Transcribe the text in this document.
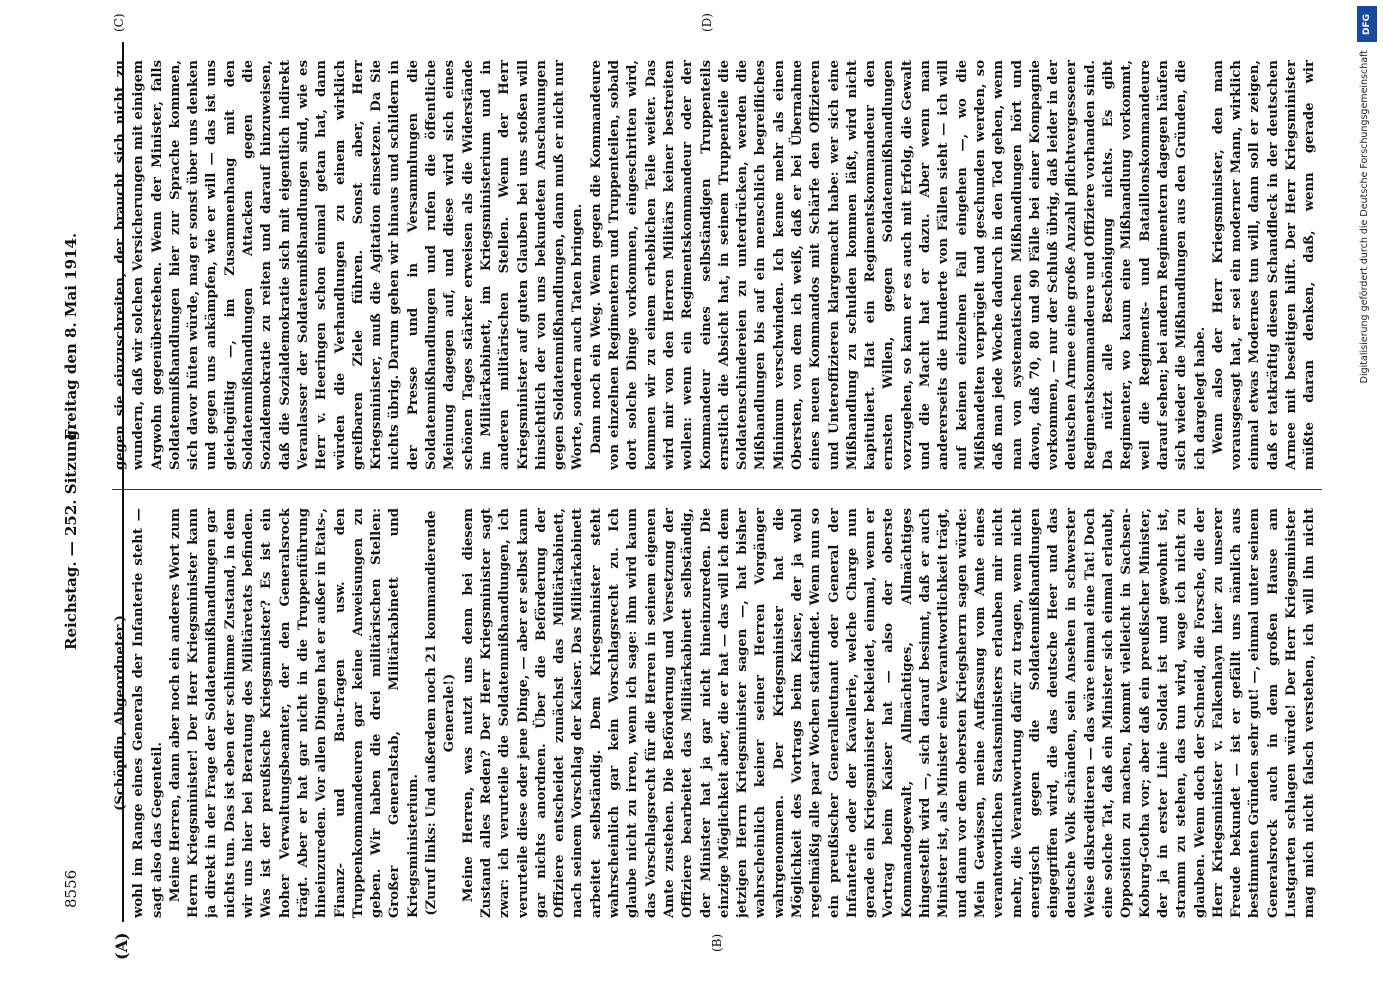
8556
Reichstag. — 252. Sitzung.
Freitag den 8. Mai 1914.
(A)	(B)
(C)	(D)

(Schöpflin, Abgeordneter.) wohl im Range eines Generals der Infanterie steht — sagt also das Gegenteil. Meine Herren, dann aber noch ein anderes Wort zum Herrn Kriegsminister! Der Herr Kriegsminister kann ja direkt in der Frage der Soldatenmißhandlungen gar nichts tun. Das ist eben der schlimme Zustand, in dem wir uns hier bei Beratung des Militäretats befinden. Was ist der preußische Kriegsminister? Es ist ein hoher Verwaltungsbeamter, der den Generalsrock trägt. Aber er hat gar nicht in die Truppenführung hineinzureden. Vor allen Dingen hat er außer in Etats-, Finanz- und Bau-fragen usw. den Truppenkommandeuren gar keine Anweisungen zu geben. Wir haben die drei militärischen Stellen: Großer Generalstab, Militärkabinett und Kriegsministerium. (Zuruf links: Und außerdem noch 21 kommandierende Generale!)

Meine Herren, was nutzt uns denn bei diesem Zustand alles Reden? Der Herr Kriegsminister sagt zwar: ich verurteile die Soldatenmißhandlungen, ich verurteile diese oder jene Dinge, — aber er selbst kann gar nichts anordnen. Über die Beförderung der Offiziere entscheidet zunächst das Militärkabinett, nach seinem Vorschlag der Kaiser. Das Militärkabinett arbeitet selbständig. Dem Kriegsminister steht wahrscheinlich gar kein Vorschlagsrecht zu. Ich glaube nicht zu irren, wenn ich sage: ihm wird kaum das Vorschlagsrecht für die Herren in seinem eigenen Amte zustehen. Die Beförderung und Versetzung der Offiziere bearbeitet das Militärkabinett selbständig, der Minister hat ja gar nicht hineinzureden. Die einzige Möglichkeit aber, die er hat — das will ich dem jetzigen Herrn Kriegsminister sagen —, hat bisher wahrscheinlich keiner seiner Herren Vorgänger wahrgenommen. Der Kriegsminister hat die Möglichkeit des Vortrags beim Kaiser, der ja wohl regelmäßig alle paar Wochen stattfindet. Wenn nun so ein preußischer Generalleutnant oder General der Infanterie oder der Kavallerie, welche Charge nun gerade ein Kriegsminister bekleidet, einmal, wenn er Vortrag beim Kaiser hat — also der oberste Kommandogewalt, Allmächtiges, Allmächtiges hingestellt wird —, sich darauf besinnt, daß er auch Minister ist, als Minister eine Verantwortlichkeit trägt, und dann vor dem obersten Kriegsherrn sagen würde: Mein Gewissen, meine Auffassung vom Amte eines verantwortlichen Staatsministers erlauben mir nicht mehr, die Verantwortung dafür zu tragen, wenn nicht energisch gegen die Soldatenmißhandlungen eingegriffen wird, die das deutsche Heer und das deutsche Volk schänden, sein Ansehen in schwerster Weise diskreditieren — das wäre einmal eine Tat! Doch eine solche Tat, daß ein Minister sich einmal erlaubt, Opposition zu machen, kommt vielleicht in Sachsen-Koburg-Gotha vor; aber daß ein preußischer Minister, der ja in erster Linie Soldat ist und gewohnt ist, stramm zu stehen, das tun wird, wage ich nicht zu glauben. Wenn doch der Schneid, die Forsche, die der Herr Kriegsminister v. Falkenhayn hier zu unserer Freude bekundet — ist er gefällt uns nämlich aus bestimmten Gründen sehr gut! —, einmal unter seinem Generalsrock auch in dem großen Hause am Lustgarten schlagen würde! Der Herr Kriegsminister mag mich nicht falsch verstehen, ich will ihn nicht

gegen sie einzuschreiten, der braucht sich nicht zu wundern, daß wir solchen Versicherungen mit einigem Argwohn gegenüberstehen. Wenn der Minister, falls Soldatenmißhandlungen hier zur Sprache kommen, sich davor hüten würde, mag er sonst über uns denken und gegen uns ankämpfen, wie er will — das ist uns gleichgültig —, im Zusammenhang mit den Soldatenmißhandlungen Attacken gegen die Sozialdemokratie zu reiten und darauf hinzuweisen, daß die Sozialdemokratie sich mit eigentlich indirekt Veranlasser der Soldatenmißhandlungen sind, wie es Herr v. Heeringen schon einmal getan hat, dann würden die Verhandlungen zu einem wirklich greifbaren Ziele führen. Sonst aber, Herr Kriegsminister, muß die Agitation einsetzen. Da Sie nichts übrig. Darum gehen wir hinaus und schildern in der Presse und in Versammlungen die Soldatenmißhandlungen und rufen die öffentliche Meinung dagegen auf, und diese wird sich eines schönen Tages stärker erweisen als die Widerstände im Militärkabinett, im Kriegsministerium und in anderen militärischen Stellen. Wenn der Herr Kriegsminister auf guten Glauben bei uns stoßen will hinsichtlich der von uns bekundeten Anschauungen gegen Soldatenmißhandlungen, dann muß er nicht nur Worte, sondern auch Taten bringen. Dann noch ein Weg. Wenn gegen die Kommandeure von einzelnen Regimentern und Truppenteilen, sobald dort solche Dinge vorkommen, eingeschritten wird, kommen wir zu einem erheblichen Teile weiter. Das wird mir von den Herren Militärs keiner bestreiten wollen: wenn ein Regimentskommandeur oder der Kommandeur eines selbständigen Truppenteils ernstlich die Absicht hat, in seinem Truppenteile die Soldatenschindereien zu unterdrücken, werden die Mißhandlungen bis auf ein menschlich begreifliches Minimum verschwinden. Ich kenne mehr als einen Obersten, von dem ich weiß, daß er bei Übernahme eines neuen Kommandos mit Schärfe den Offizieren und Unteroffizieren klargemacht habe: wer sich eine Mißhandlung zu schulden kommen läßt, wird nicht kapituliert. Hat ein Regimentskommandeur den ernsten Willen, gegen Soldatenmißhandlungen vorzugehen, so kann er es auch mit Erfolg, die Gewalt und die Macht hat er dazu. Aber wenn man andererseits die Hunderte von Fällen sieht — ich will auf keinen einzelnen Fall eingehen —, wo die Mißhandelten verprügelt und geschunden werden, so daß man jede Woche dadurch in den Tod gehen, wenn man von systematischen Mißhandlungen hört und davon, daß 70, 80 und 90 Fälle bei einer Kompagnie vorkommen, — nur der Schluß übrig, daß leider in der deutschen Armee eine große Anzahl pflichtvergessener Regimentskommandeure und Offiziere vorhanden sind. Da nützt alle Beschönigung nichts. Es gibt Regimenter, wo kaum eine Mißhandlung vorkommt, weil die Regiments- und Bataillonskommandeure darauf sehen; bei andern Regimentern dagegen häufen sich wieder die Mißhandlungen aus den Gründen, die ich dargelegt habe. Wenn also der Herr Kriegsminister, den man vorausgesagt hat, er sei ein moderner Mann, wirklich einmal etwas Modernes tun will, dann soll er zeigen, daß er tatkräftig diesen Schandfleck in der deutschen Armee mit beseitigen hilft. Der Herr Kriegsminister müßte daran denken, daß, wenn gerade wir

DFG
Digitalisierung gefördert durch die Deutsche Forschungsgemeinschaft
